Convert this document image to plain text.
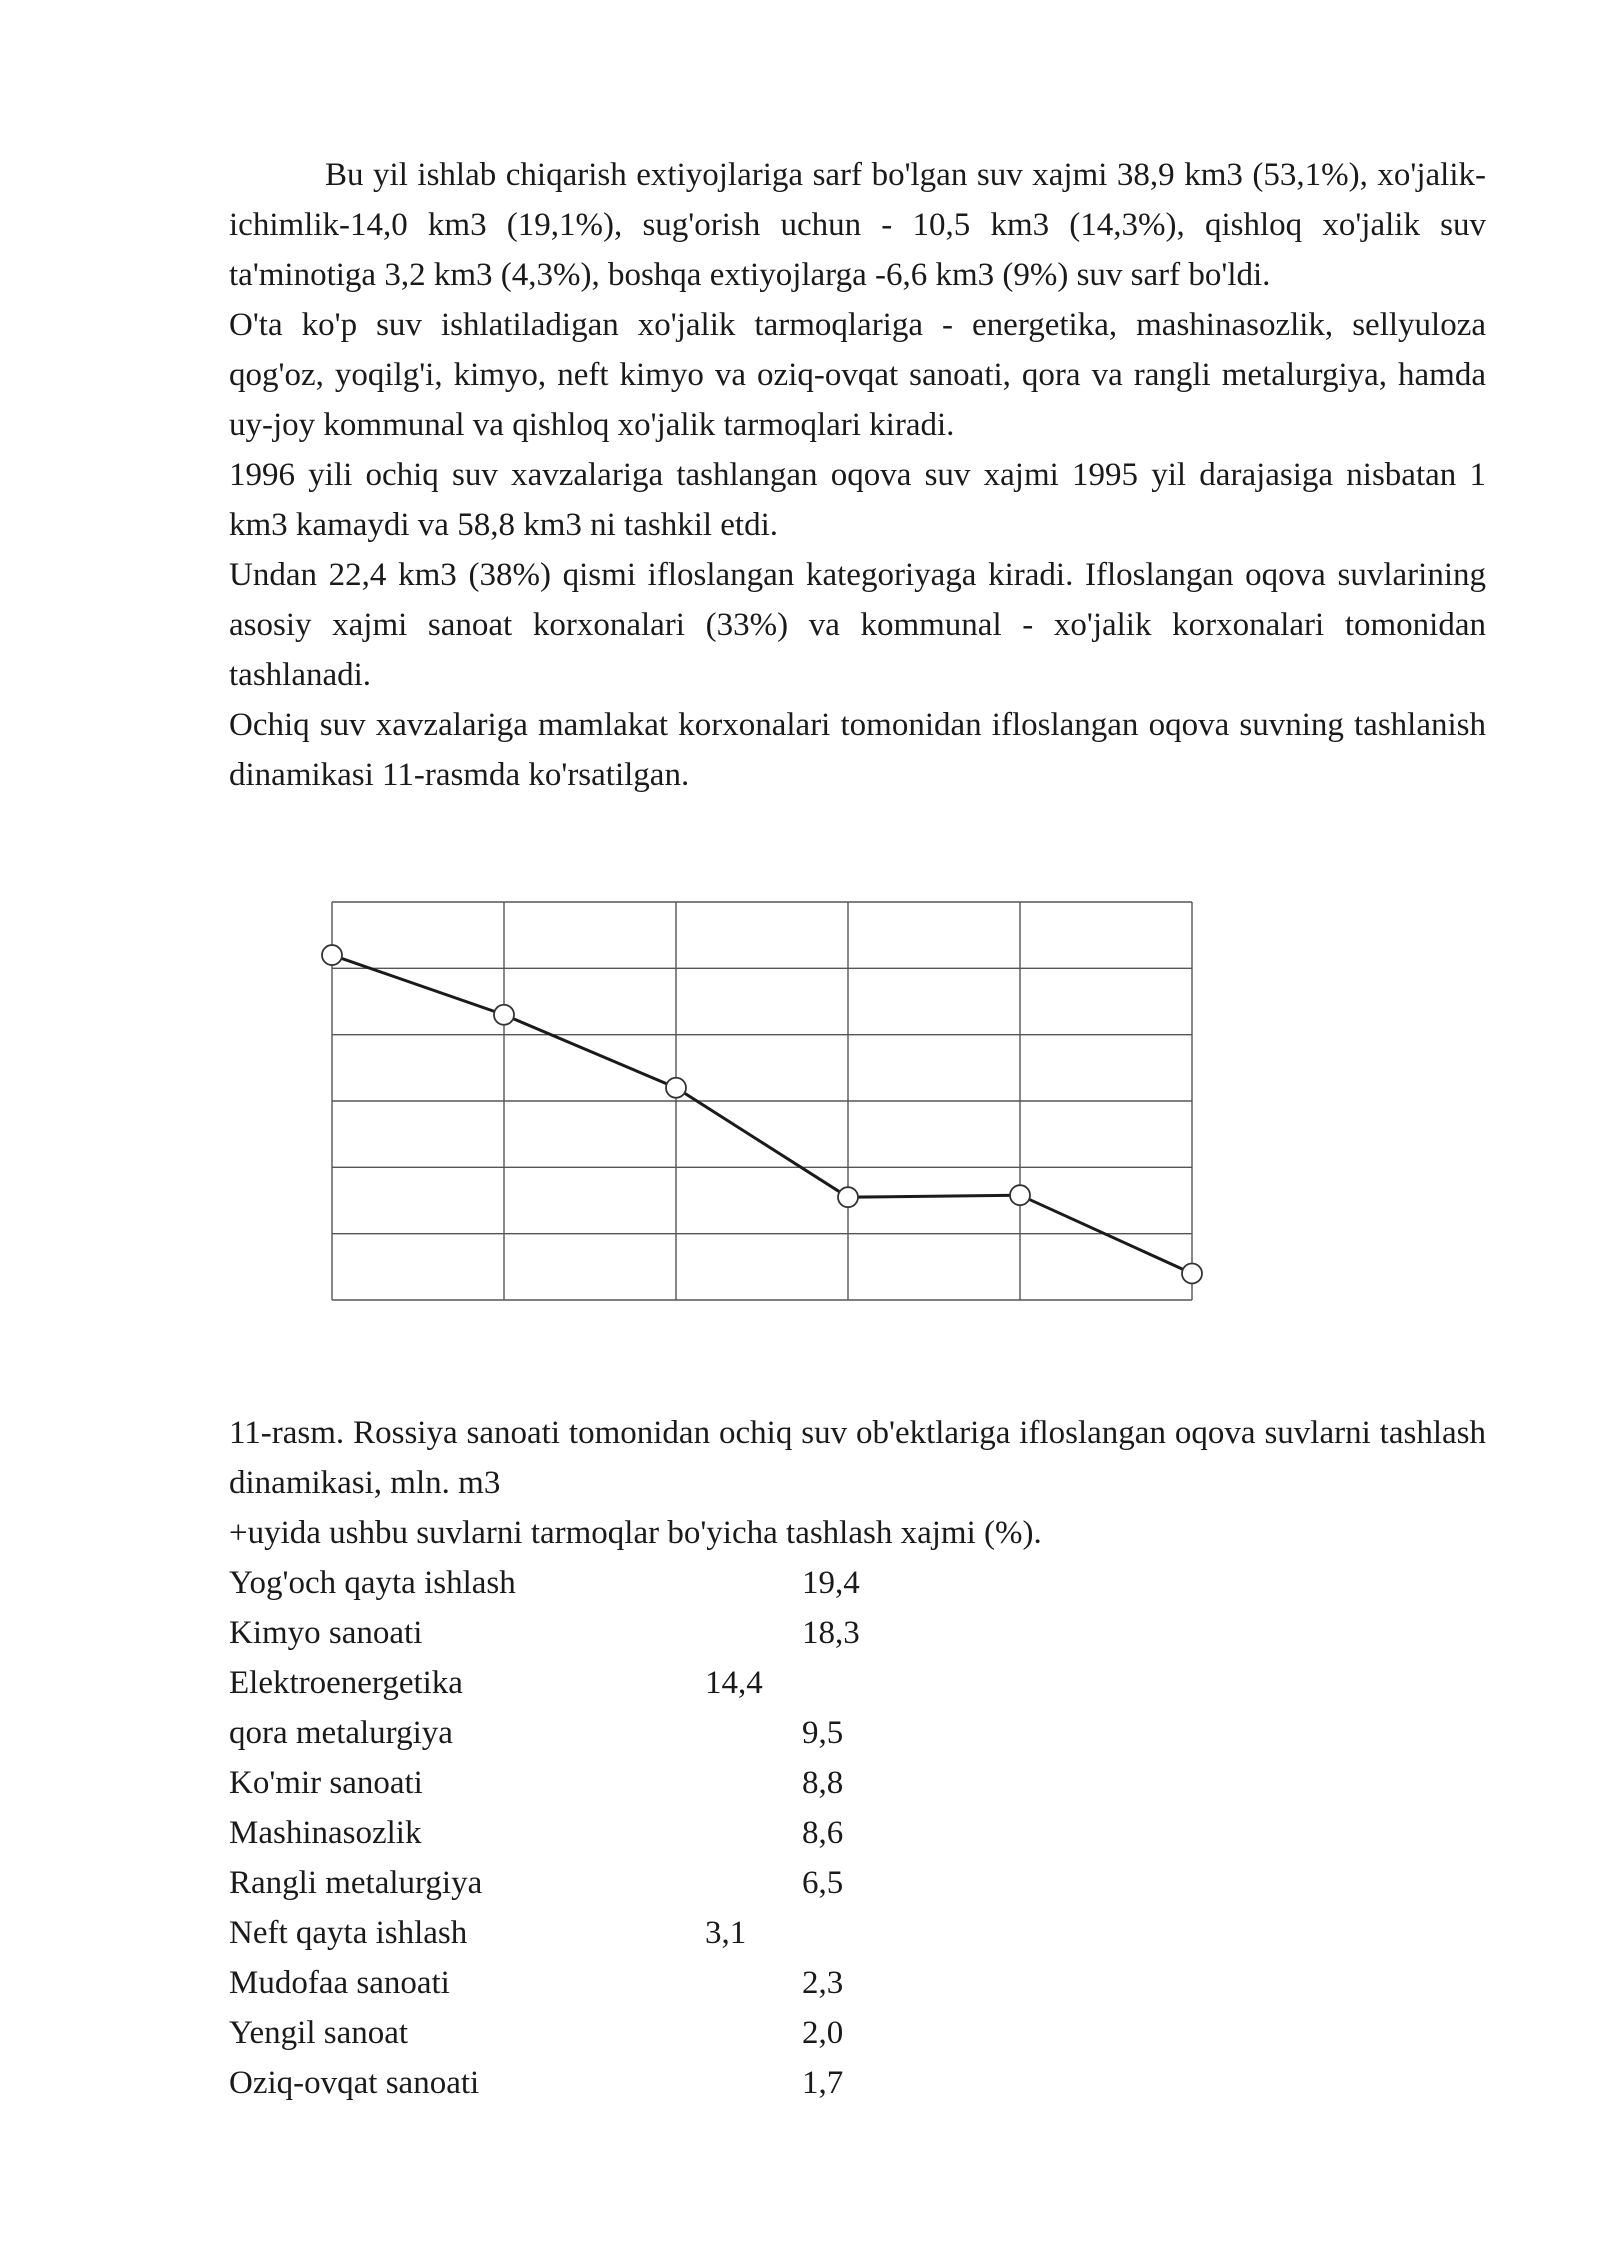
Bu yil ishlab chiqarish extiyojlariga sarf bo'lgan suv xajmi 38,9 km3 (53,1%), xo'jalik-ichimlik-14,0 km3 (19,1%), sug'orish uchun - 10,5 km3 (14,3%), qishloq xo'jalik suv ta'minotiga 3,2 km3 (4,3%), boshqa extiyojlarga -6,6 km3 (9%) suv sarf bo'ldi.

O'ta ko'p suv ishlatiladigan xo'jalik tarmoqlariga - energetika, mashinasozlik, sellyuloza qog'oz, yoqilg'i, kimyo, neft kimyo va oziq-ovqat sanoati, qora va rangli metalurgiya, hamda uy-joy kommunal va qishloq xo'jalik tarmoqlari kiradi.

1996 yili ochiq suv xavzalariga tashlangan oqova suv xajmi 1995 yil darajasiga nisbatan 1 km3 kamaydi va 58,8 km3 ni tashkil etdi.

Undan 22,4 km3 (38%) qismi ifloslangan kategoriyaga kiradi. Ifloslangan oqova suvlarining asosiy xajmi sanoat korxonalari (33%) va kommunal - xo'jalik korxonalari tomonidan tashlanadi.

Ochiq suv xavzalariga mamlakat korxonalari tomonidan ifloslangan oqova suvning tashlanish dinamikasi 11-rasmda ko'rsatilgan.

11-rasm. Rossiya sanoati tomonidan ochiq suv ob'ektlariga ifloslangan oqova suvlarni tashlash dinamikasi, mln. m3

+uyida ushbu suvlarni tarmoqlar bo'yicha tashlash xajmi (%).

Yog'och qayta ishlash	19,4
Kimyo sanoati	18,3
Elektroenergetika	14,4
qora metalurgiya	9,5
Ko'mir sanoati	8,8
Mashinasozlik	8,6
Rangli metalurgiya	6,5
Neft qayta ishlash	3,1
Mudofaa sanoati	2,3
Yengil sanoat	2,0
Oziq-ovqat sanoati	1,7
